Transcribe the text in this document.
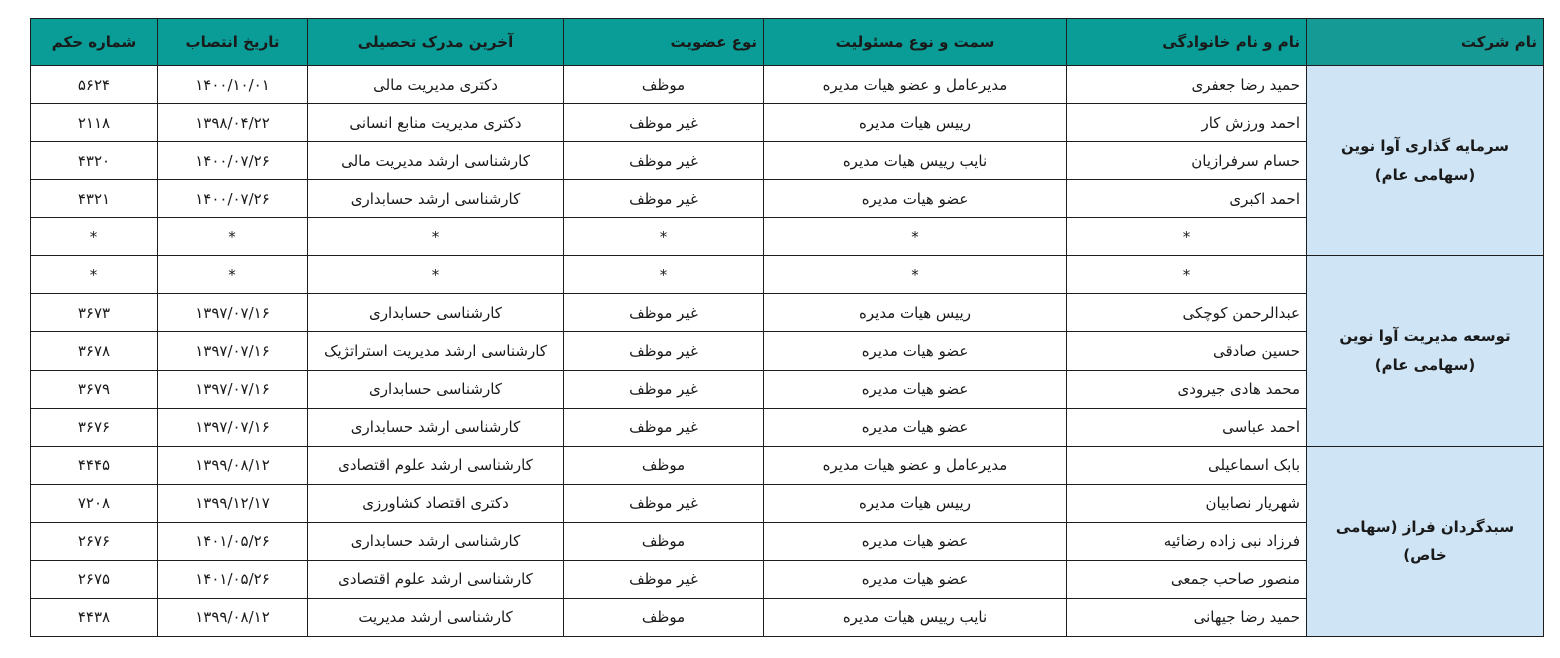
نام شرکت	نام و نام خانوادگی	سمت و نوع مسئولیت	نوع عضویت	آخرین مدرک تحصیلی	تاریخ انتصاب	شماره حکم

سرمایه گذاری آوا نوین
(سهامی عام)	حمید رضا جعفری	مدیرعامل و عضو هیات مدیره	موظف	دکتری مدیریت مالی	۱۴۰۰/۱۰/۰۱	۵۶۲۴
	احمد ورزش کار	رییس هیات مدیره	غیر موظف	دکتری مدیریت منابع انسانی	۱۳۹۸/۰۴/۲۲	۲۱۱۸
	حسام سرفرازیان	نایب رییس هیات مدیره	غیر موظف	کارشناسی ارشد مدیریت مالی	۱۴۰۰/۰۷/۲۶	۴۳۲۰
	احمد اکبری	عضو هیات مدیره	غیر موظف	کارشناسی ارشد حسابداری	۱۴۰۰/۰۷/۲۶	۴۳۲۱
	*	*	*	*	*	*

توسعه مدیریت آوا نوین
(سهامی عام)	*	*	*	*	*	*
	عبدالرحمن کوچکی	رییس هیات مدیره	غیر موظف	کارشناسی حسابداری	۱۳۹۷/۰۷/۱۶	۳۶۷۳
	حسین صادقی	عضو هیات مدیره	غیر موظف	کارشناسی ارشد مدیریت استراتژیک	۱۳۹۷/۰۷/۱۶	۳۶۷۸
	محمد هادی جیرودی	عضو هیات مدیره	غیر موظف	کارشناسی حسابداری	۱۳۹۷/۰۷/۱۶	۳۶۷۹
	احمد عباسی	عضو هیات مدیره	غیر موظف	کارشناسی ارشد حسابداری	۱۳۹۷/۰۷/۱۶	۳۶۷۶

سبدگردان فراز (سهامی
خاص)	بابک اسماعیلی	مدیرعامل و عضو هیات مدیره	موظف	کارشناسی ارشد علوم اقتصادی	۱۳۹۹/۰۸/۱۲	۴۴۴۵
	شهریار نصابیان	رییس هیات مدیره	غیر موظف	دکتری اقتصاد کشاورزی	۱۳۹۹/۱۲/۱۷	۷۲۰۸
	فرزاد نبی زاده رضائیه	عضو هیات مدیره	موظف	کارشناسی ارشد حسابداری	۱۴۰۱/۰۵/۲۶	۲۶۷۶
	منصور صاحب جمعی	عضو هیات مدیره	غیر موظف	کارشناسی ارشد علوم اقتصادی	۱۴۰۱/۰۵/۲۶	۲۶۷۵
	حمید رضا جیهانی	نایب رییس هیات مدیره	موظف	کارشناسی ارشد مدیریت	۱۳۹۹/۰۸/۱۲	۴۴۳۸
